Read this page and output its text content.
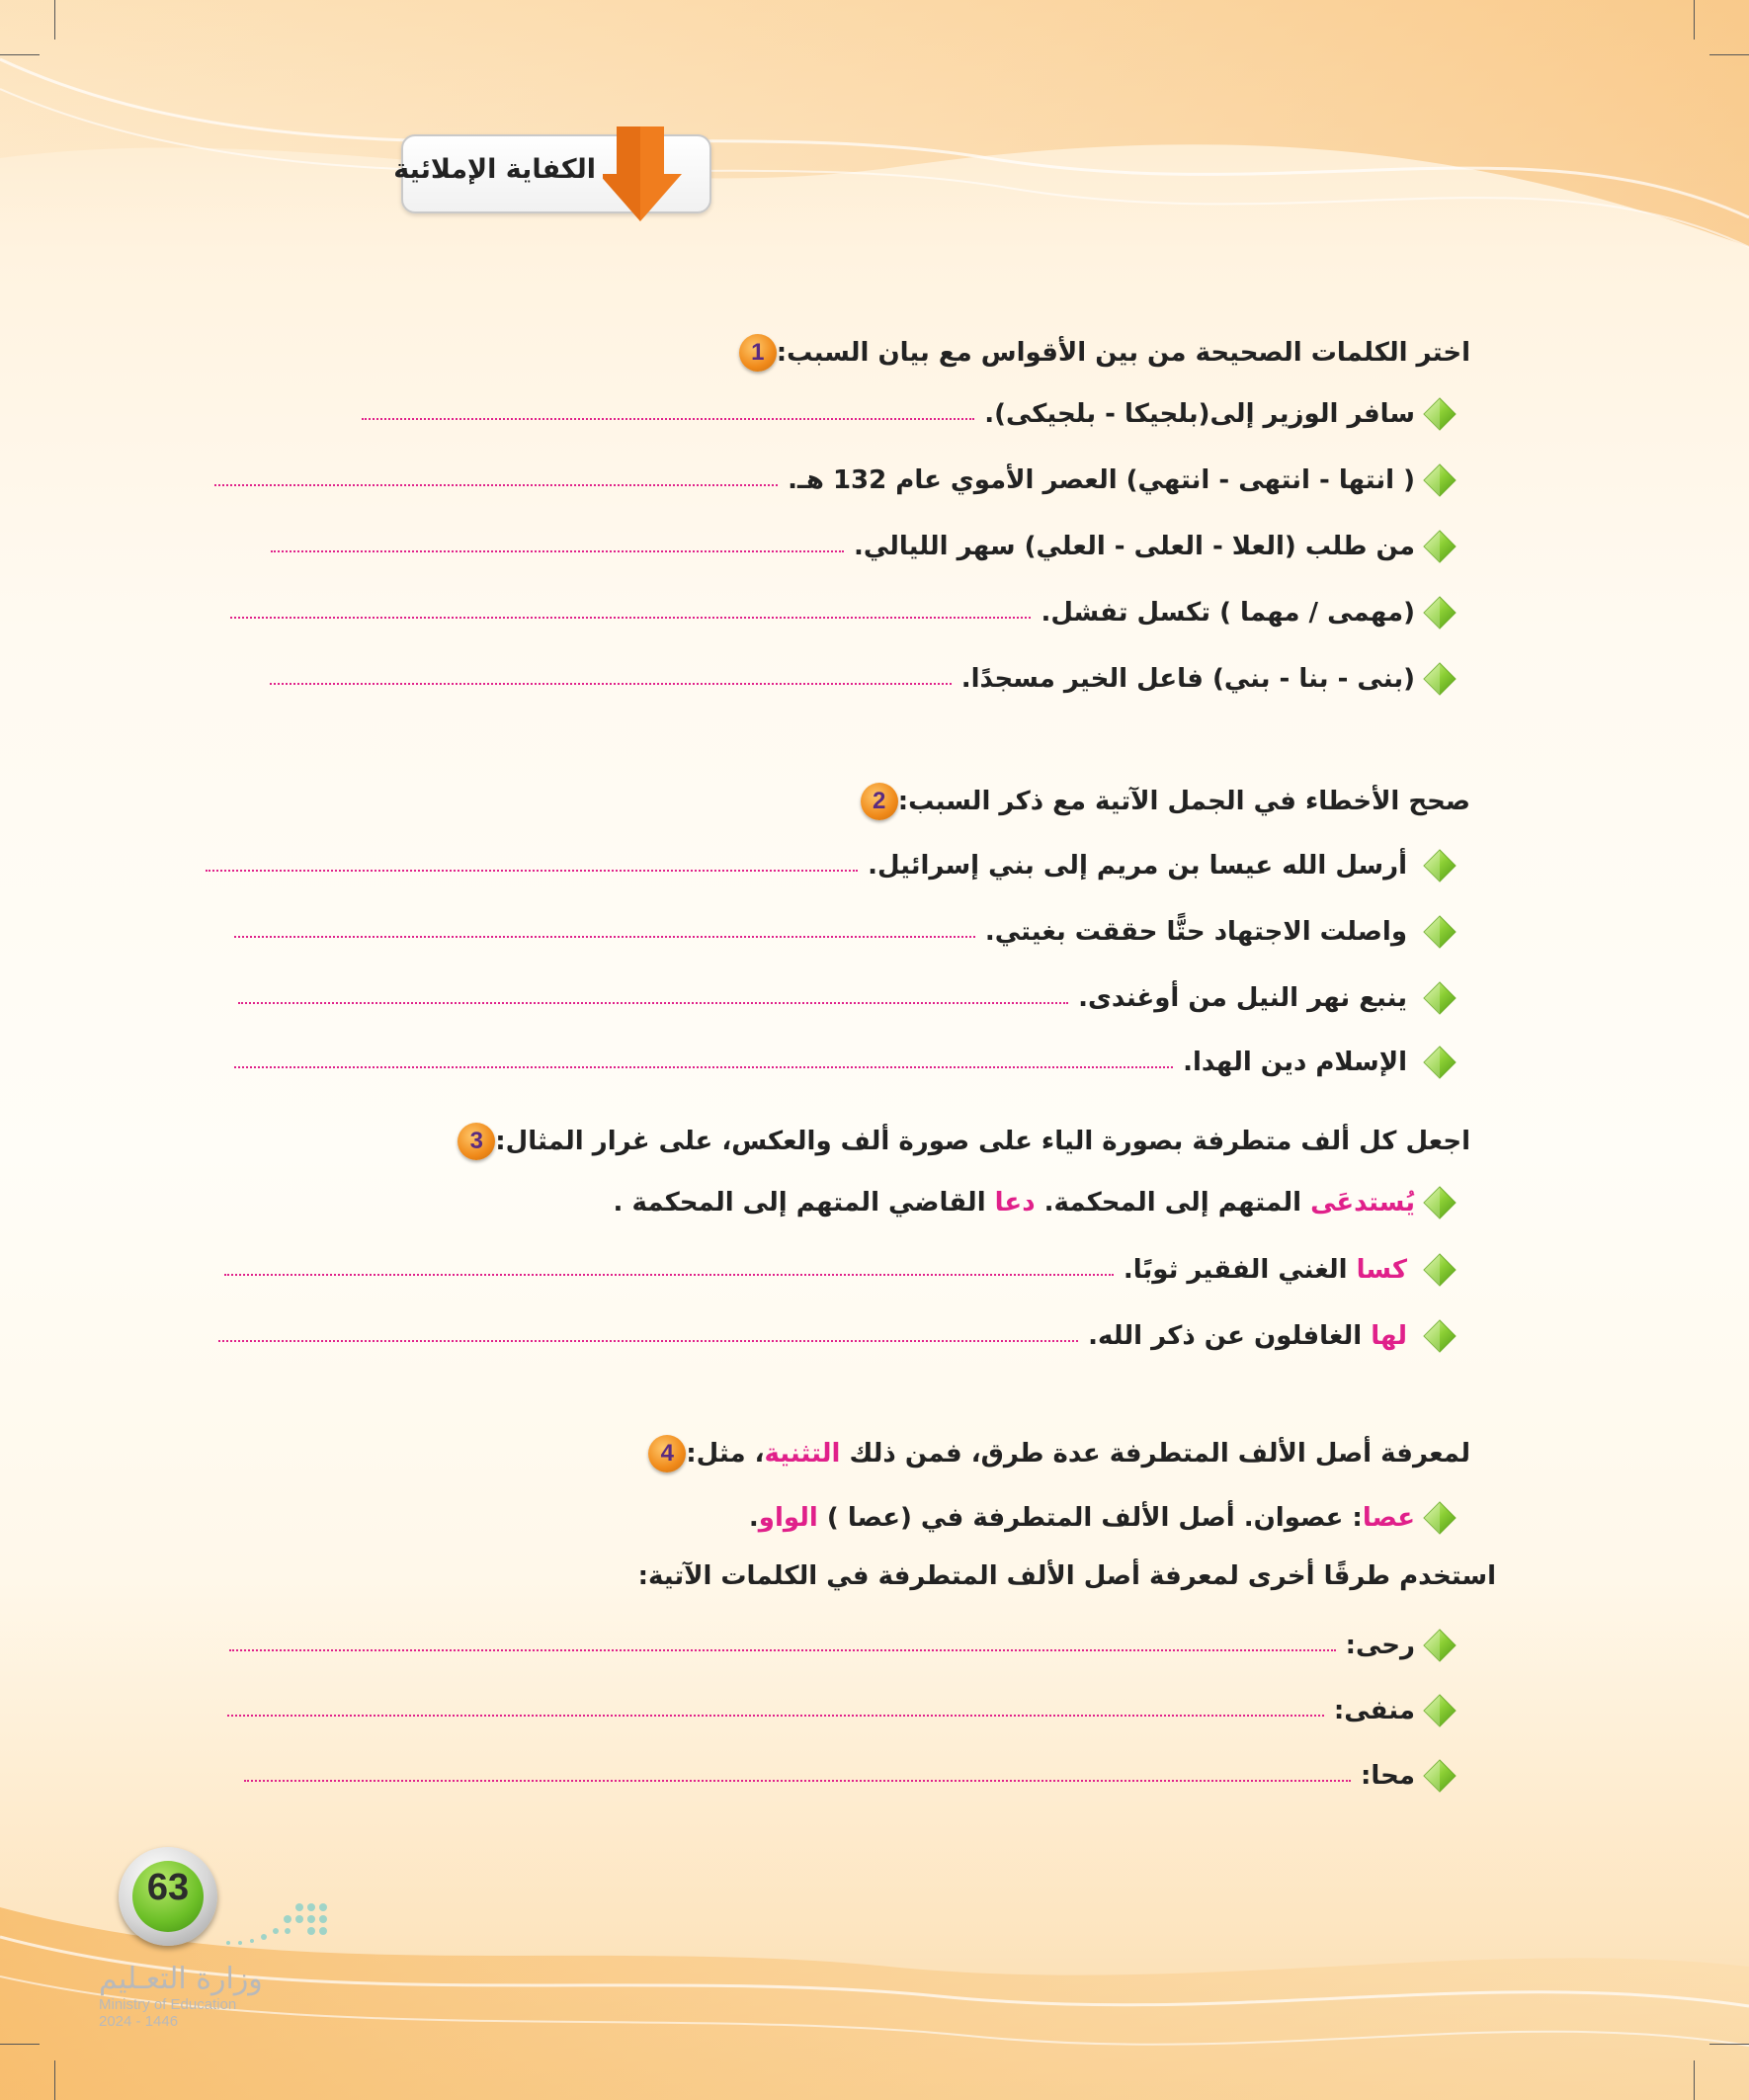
الكفاية الإملائية
1 اختر الكلمات الصحيحة من بين الأقواس مع بيان السبب:
سافر الوزير إلى(بلجيكا - بلجيكى).
( انتها - انتهى - انتهي) العصر الأموي عام 132 هـ.
من طلب (العلا - العلى - العلي) سهر الليالي.
(مهمى / مهما ) تكسل تفشل.
(بنى - بنا - بني) فاعل الخير مسجدًا.
2 صحح الأخطاء في الجمل الآتية مع ذكر السبب:
أرسل الله عيسا بن مريم إلى بني إسرائيل.
واصلت الاجتهاد حتًّا حققت بغيتي.
ينبع نهر النيل من أوغندى.
الإسلام دين الهدا.
3 اجعل كل ألف متطرفة بصورة الياء على صورة ألف والعكس، على غرار المثال:
يُستدعَى المتهم إلى المحكمة. دعا القاضي المتهم إلى المحكمة .
كسا الغني الفقير ثوبًا.
لها الغافلون عن ذكر الله.
4	لمعرفة أصل الألف المتطرفة عدة طرق، فمن ذلك التثنية، مثل:
عصا: عصوان. أصل الألف المتطرفة في (عصا ) الواو.
استخدم طرقًا أخرى لمعرفة أصل الألف المتطرفة في الكلمات الآتية:
رحى:
منفى:
محا:
63
وزارة التعـليم
Ministry of Education
2024 - 1446
